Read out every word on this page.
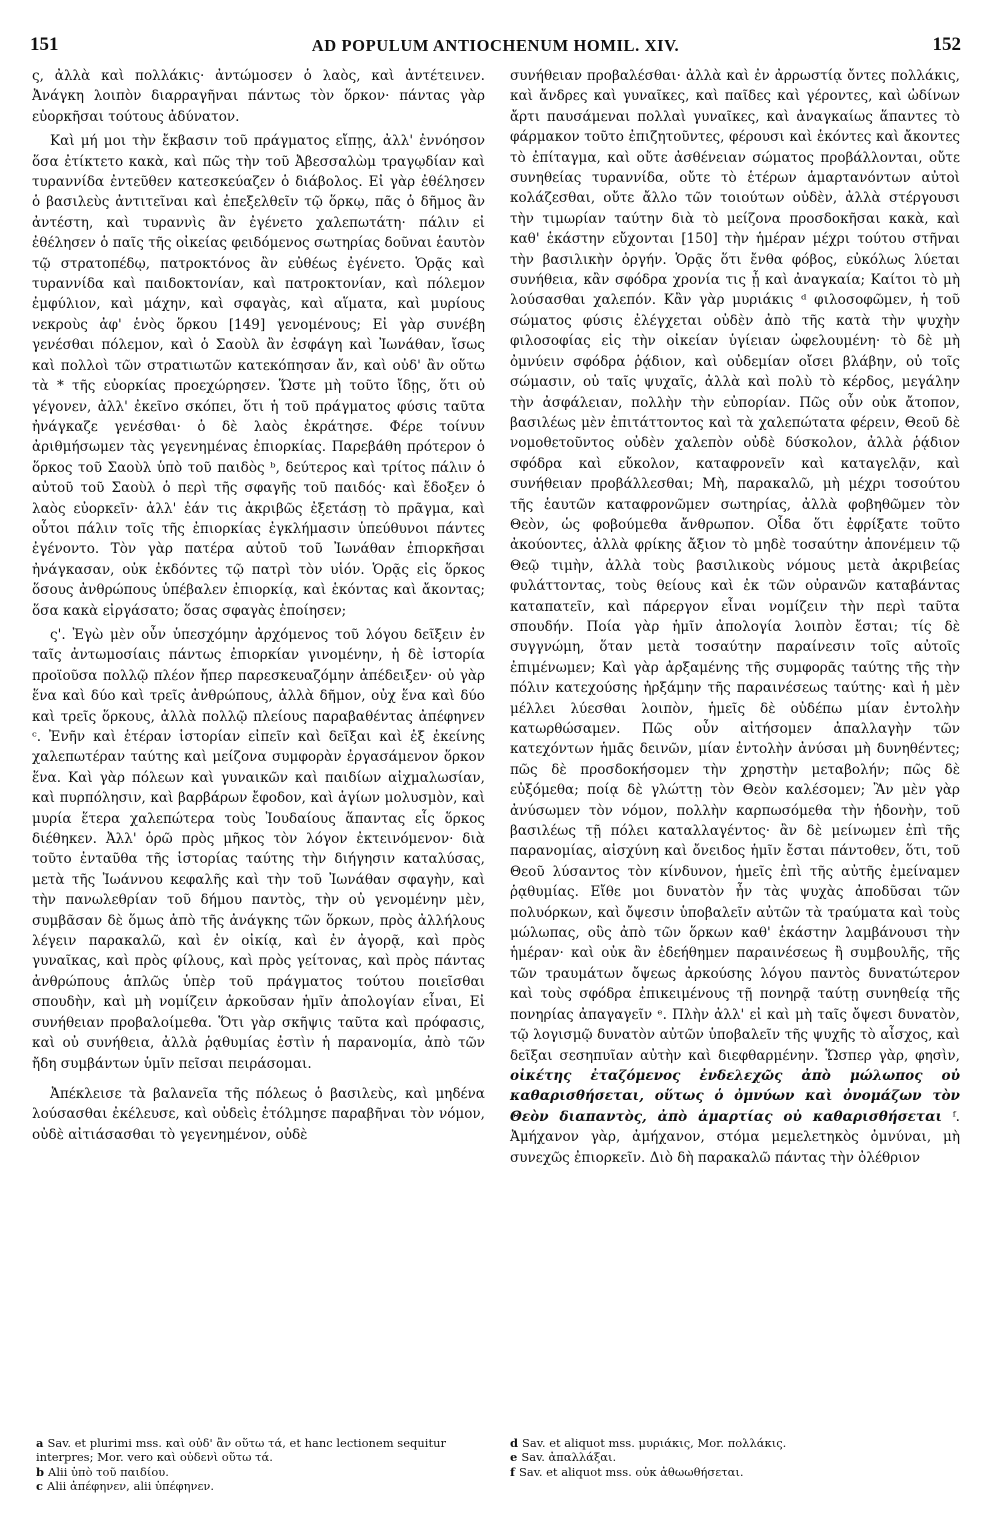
151	AD POPULUM ANTIOCHENUM HOMIL. XIV.	152

ς, ἀλλὰ καὶ πολλάκις· ἀντώμοσεν ὁ λαὸς, καὶ ἀντέτεινεν. Ἀνάγκη λοιπὸν διαρραγῆναι πάντως τὸν ὅρκον· πάντας γὰρ εὐορκῆσαι τούτους ἀδύνατον.

Καὶ μή μοι τὴν ἔκβασιν τοῦ πράγματος εἴπῃς, ἀλλ' ἐννόησον ὅσα ἐτίκτετο κακὰ, καὶ πῶς τὴν τοῦ Ἀβεσσαλὼμ τραγῳδίαν καὶ τυραννίδα ἐντεῦθεν κατεσκεύαζεν ὁ διάβολος. Εἰ γὰρ ἐθέλησεν ὁ βασιλεὺς ἀντιτεῖναι καὶ ἐπεξελθεῖν τῷ ὅρκῳ, πᾶς ὁ δῆμος ἂν ἀντέστη, καὶ τυραννὶς ἂν ἐγένετο χαλεπωτάτη· πάλιν εἰ ἐθέλησεν ὁ παῖς τῆς οἰκείας φειδόμενος σωτηρίας δοῦναι ἑαυτὸν τῷ στρατοπέδῳ, πατροκτόνος ἂν εὐθέως ἐγένετο. Ὁρᾷς καὶ τυραννίδα καὶ παιδοκτονίαν, καὶ πατροκτονίαν, καὶ πόλεμον ἐμφύλιον, καὶ μάχην, καὶ σφαγὰς, καὶ αἵματα, καὶ μυρίους νεκροὺς ἀφ' ἑνὸς ὅρκου [149] γενομένους; Εἰ γὰρ συνέβη γενέσθαι πόλεμον, καὶ ὁ Σαοὺλ ἂν ἐσφάγη καὶ Ἰωνάθαν, ἴσως καὶ πολλοὶ τῶν στρατιωτῶν κατεκόπησαν ἄν, καὶ οὐδ' ἂν οὕτω τὰ * τῆς εὐορκίας προεχώρησεν. Ὥστε μὴ τοῦτο ἴδῃς, ὅτι οὐ γέγονεν, ἀλλ' ἐκεῖνο σκόπει, ὅτι ἡ τοῦ πράγματος φύσις ταῦτα ἠνάγκαζε γενέσθαι· ὁ δὲ λαὸς ἐκράτησε. Φέρε τοίνυν ἀριθμήσωμεν τὰς γεγενημένας ἐπιορκίας. Παρεβάθη πρότερον ὁ ὅρκος τοῦ Σαοὺλ ὑπὸ τοῦ παιδὸς ᵇ, δεύτερος καὶ τρίτος πάλιν ὁ αὐτοῦ τοῦ Σαοὺλ ὁ περὶ τῆς σφαγῆς τοῦ παιδός· καὶ ἔδοξεν ὁ λαὸς εὐορκεῖν· ἀλλ' ἐάν τις ἀκριβῶς ἐξετάσῃ τὸ πρᾶγμα, καὶ οὗτοι πάλιν τοῖς τῆς ἐπιορκίας ἐγκλήμασιν ὑπεύθυνοι πάντες ἐγένοντο. Τὸν γὰρ πατέρα αὐτοῦ τοῦ Ἰωνάθαν ἐπιορκῆσαι ἠνάγκασαν, οὐκ ἐκδόντες τῷ πατρὶ τὸν υἱόν. Ὁρᾷς εἰς ὅρκος ὅσους ἀνθρώπους ὑπέβαλεν ἐπιορκίᾳ, καὶ ἑκόντας καὶ ἄκοντας; ὅσα κακὰ εἰργάσατο; ὅσας σφαγὰς ἐποίησεν;

ς'. Ἐγὼ μὲν οὖν ὑπεσχόμην ἀρχόμενος τοῦ λόγου δεῖξειν ἐν ταῖς ἀντωμοσίαις πάντως ἐπιορκίαν γινομένην, ἡ δὲ ἱστορία προϊοῦσα πολλῷ πλέον ἤπερ παρεσκευαζόμην ἀπέδειξεν· οὐ γὰρ ἕνα καὶ δύο καὶ τρεῖς ἀνθρώπους, ἀλλὰ δῆμον, οὐχ ἕνα καὶ δύο καὶ τρεῖς ὅρκους, ἀλλὰ πολλῷ πλείους παραβαθέντας ἀπέφηνεν ᶜ. Ἐνῆν καὶ ἑτέραν ἱστορίαν εἰπεῖν καὶ δεῖξαι καὶ ἐξ ἐκείνης χαλεπωτέραν ταύτης καὶ μείζονα συμφορὰν ἐργασάμενον ὅρκον ἕνα. Καὶ γὰρ πόλεων καὶ γυναικῶν καὶ παιδίων αἰχμαλωσίαν, καὶ πυρπόλησιν, καὶ βαρβάρων ἔφοδον, καὶ ἁγίων μολυσμὸν, καὶ μυρία ἕτερα χαλεπώτερα τοὺς Ἰουδαίους ἅπαντας εἷς ὅρκος διέθηκεν. Ἀλλ' ὁρῶ πρὸς μῆκος τὸν λόγον ἐκτεινόμενον· διὰ τοῦτο ἐνταῦθα τῆς ἱστορίας ταύτης τὴν διήγησιν καταλύσας, μετὰ τῆς Ἰωάννου κεφαλῆς καὶ τὴν τοῦ Ἰωνάθαν σφαγὴν, καὶ τὴν πανωλεθρίαν τοῦ δήμου παντὸς, τὴν οὐ γενομένην μὲν, συμβᾶσαν δὲ ὅμως ἀπὸ τῆς ἀνάγκης τῶν ὅρκων, πρὸς ἀλλήλους λέγειν παρακαλῶ, καὶ ἐν οἰκίᾳ, καὶ ἐν ἀγορᾷ, καὶ πρὸς γυναῖκας, καὶ πρὸς φίλους, καὶ πρὸς γείτονας, καὶ πρὸς πάντας ἀνθρώπους ἁπλῶς ὑπὲρ τοῦ πράγματος τούτου ποιεῖσθαι σπουδὴν, καὶ μὴ νομίζειν ἀρκοῦσαν ἡμῖν ἀπολογίαν εἶναι, Εἰ συνήθειαν προβαλοίμεθα. Ὅτι γὰρ σκῆψις ταῦτα καὶ πρόφασις, καὶ οὐ συνήθεια, ἀλλὰ ῥᾳθυμίας ἐστὶν ἡ παρανομία, ἀπὸ τῶν ἤδη συμβάντων ὑμῖν πεῖσαι πειράσομαι.

Ἀπέκλεισε τὰ βαλανεῖα τῆς πόλεως ὁ βασιλεὺς, καὶ μηδένα λούσασθαι ἐκέλευσε, καὶ οὐδεὶς ἐτόλμησε παραβῆναι τὸν νόμον, οὐδὲ αἰτιάσασθαι τὸ γεγενημένον, οὐδὲ

συνήθειαν προβαλέσθαι· ἀλλὰ καὶ ἐν ἀρρωστίᾳ ὄντες πολλάκις, καὶ ἄνδρες καὶ γυναῖκες, καὶ παῖδες καὶ γέροντες, καὶ ὠδίνων ἄρτι παυσάμεναι πολλαὶ γυναῖκες, καὶ ἀναγκαίως ἅπαντες τὸ φάρμακον τοῦτο ἐπιζητοῦντες, φέρουσι καὶ ἑκόντες καὶ ἄκοντες τὸ ἐπίταγμα, καὶ οὔτε ἀσθένειαν σώματος προβάλλονται, οὔτε συνηθείας τυραννίδα, οὔτε τὸ ἑτέρων ἁμαρτανόντων αὐτοὶ κολάζεσθαι, οὔτε ἄλλο τῶν τοιούτων οὐδὲν, ἀλλὰ στέργουσι τὴν τιμωρίαν ταύτην διὰ τὸ μείζονα προσδοκῆσαι κακὰ, καὶ καθ' ἑκάστην εὔχονται [150] τὴν ἡμέραν μέχρι τούτου στῆναι τὴν βασιλικὴν ὀργήν. Ὁρᾷς ὅτι ἔνθα φόβος, εὐκόλως λύεται συνήθεια, κἂν σφόδρα χρονία τις ᾖ καὶ ἀναγκαία; Καίτοι τὸ μὴ λούσασθαι χαλεπόν. Κἂν γὰρ μυριάκις ᵈ φιλοσοφῶμεν, ἡ τοῦ σώματος φύσις ἐλέγχεται οὐδὲν ἀπὸ τῆς κατὰ τὴν ψυχὴν φιλοσοφίας εἰς τὴν οἰκείαν ὑγίειαν ὠφελουμένη· τὸ δὲ μὴ ὀμνύειν σφόδρα ῥᾴδιον, καὶ οὐδεμίαν οἴσει βλάβην, οὐ τοῖς σώμασιν, οὐ ταῖς ψυχαῖς, ἀλλὰ καὶ πολὺ τὸ κέρδος, μεγάλην τὴν ἀσφάλειαν, πολλὴν τὴν εὐπορίαν. Πῶς οὖν οὐκ ἄτοπον, βασιλέως μὲν ἐπιτάττοντος καὶ τὰ χαλεπώτατα φέρειν, Θεοῦ δὲ νομοθετοῦντος οὐδὲν χαλεπὸν οὐδὲ δύσκολον, ἀλλὰ ῥᾴδιον σφόδρα καὶ εὔκολον, καταφρονεῖν καὶ καταγελᾷν, καὶ συνήθειαν προβάλλεσθαι; Μὴ, παρακαλῶ, μὴ μέχρι τοσούτου τῆς ἑαυτῶν καταφρονῶμεν σωτηρίας, ἀλλὰ φοβηθῶμεν τὸν Θεὸν, ὡς φοβούμεθα ἄνθρωπον. Οἶδα ὅτι ἐφρίξατε τοῦτο ἀκούοντες, ἀλλὰ φρίκης ἄξιον τὸ μηδὲ τοσαύτην ἀπονέμειν τῷ Θεῷ τιμὴν, ἀλλὰ τοὺς βασιλικοὺς νόμους μετὰ ἀκριβείας φυλάττοντας, τοὺς θείους καὶ ἐκ τῶν οὐρανῶν καταβάντας καταπατεῖν, καὶ πάρεργον εἶναι νομίζειν τὴν περὶ ταῦτα σπουδήν. Ποία γὰρ ἡμῖν ἀπολογία λοιπὸν ἔσται; τίς δὲ συγγνώμη, ὅταν μετὰ τοσαύτην παραίνεσιν τοῖς αὐτοῖς ἐπιμένωμεν; Καὶ γὰρ ἀρξαμένης τῆς συμφορᾶς ταύτης τῆς τὴν πόλιν κατεχούσης ἠρξάμην τῆς παραινέσεως ταύτης· καὶ ἡ μὲν μέλλει λύεσθαι λοιπὸν, ἡμεῖς δὲ οὐδέπω μίαν ἐντολὴν κατωρθώσαμεν. Πῶς οὖν αἰτήσομεν ἀπαλλαγὴν τῶν κατεχόντων ἡμᾶς δεινῶν, μίαν ἐντολὴν ἀνύσαι μὴ δυνηθέντες; πῶς δὲ προσδοκήσομεν τὴν χρηστὴν μεταβολήν; πῶς δὲ εὐξόμεθα; ποίᾳ δὲ γλώττῃ τὸν Θεὸν καλέσομεν; Ἂν μὲν γὰρ ἀνύσωμεν τὸν νόμον, πολλὴν καρπωσόμεθα τὴν ἡδονὴν, τοῦ βασιλέως τῇ πόλει καταλλαγέντος· ἂν δὲ μείνωμεν ἐπὶ τῆς παρανομίας, αἰσχύνη καὶ ὄνειδος ἡμῖν ἔσται πάντοθεν, ὅτι, τοῦ Θεοῦ λύσαντος τὸν κίνδυνον, ἡμεῖς ἐπὶ τῆς αὐτῆς ἐμείναμεν ῥᾳθυμίας. Εἴθε μοι δυνατὸν ἦν τὰς ψυχὰς ἀποδῦσαι τῶν πολυόρκων, καὶ ὄψεσιν ὑποβαλεῖν αὐτῶν τὰ τραύματα καὶ τοὺς μώλωπας, οὓς ἀπὸ τῶν ὅρκων καθ' ἑκάστην λαμβάνουσι τὴν ἡμέραν· καὶ οὐκ ἂν ἐδεήθημεν παραινέσεως ἢ συμβουλῆς, τῆς τῶν τραυμάτων ὄψεως ἀρκούσης λόγου παντὸς δυνατώτερον καὶ τοὺς σφόδρα ἐπικειμένους τῇ πονηρᾷ ταύτῃ συνηθείᾳ τῆς πονηρίας ἀπαγαγεῖν ᵉ. Πλὴν ἀλλ' εἰ καὶ μὴ ταῖς ὄψεσι δυνατὸν, τῷ λογισμῷ δυνατὸν αὐτῶν ὑποβαλεῖν τῆς ψυχῆς τὸ αἶσχος, καὶ δεῖξαι σεσηπυῖαν αὐτὴν καὶ διεφθαρμένην. Ὥσπερ γὰρ, φησὶν, οἰκέτης ἐταζόμενος ἐνδελεχῶς ἀπὸ μώλωπος οὐ καθαρισθήσεται, οὕτως ὁ ὀμνύων καὶ ὀνομάζων τὸν Θεὸν διαπαντὸς, ἀπὸ ἁμαρτίας οὐ καθαρισθήσεται ᶠ. Ἀμήχανον γὰρ, ἀμήχανον, στόμα μεμελετηκὸς ὀμνύναι, μὴ συνεχῶς ἐπιορκεῖν. Διὸ δὴ παρακαλῶ πάντας τὴν ὀλέθριον

a Sav. et plurimi mss. καὶ οὐδ' ἂν οὕτω τά, et hanc lectionem sequitur interpres; Mor. vero καὶ οὐδενὶ οὕτω τά.

b Alii ὑπὸ τοῦ παιδίου.

c Alii ἀπέφηνεν, alii ὑπέφηνεν.

d Sav. et aliquot mss. μυριάκις, Mor. πολλάκις.

e Sav. ἀπαλλάξαι.

f Sav. et aliquot mss. οὐκ ἀθωωθήσεται.
